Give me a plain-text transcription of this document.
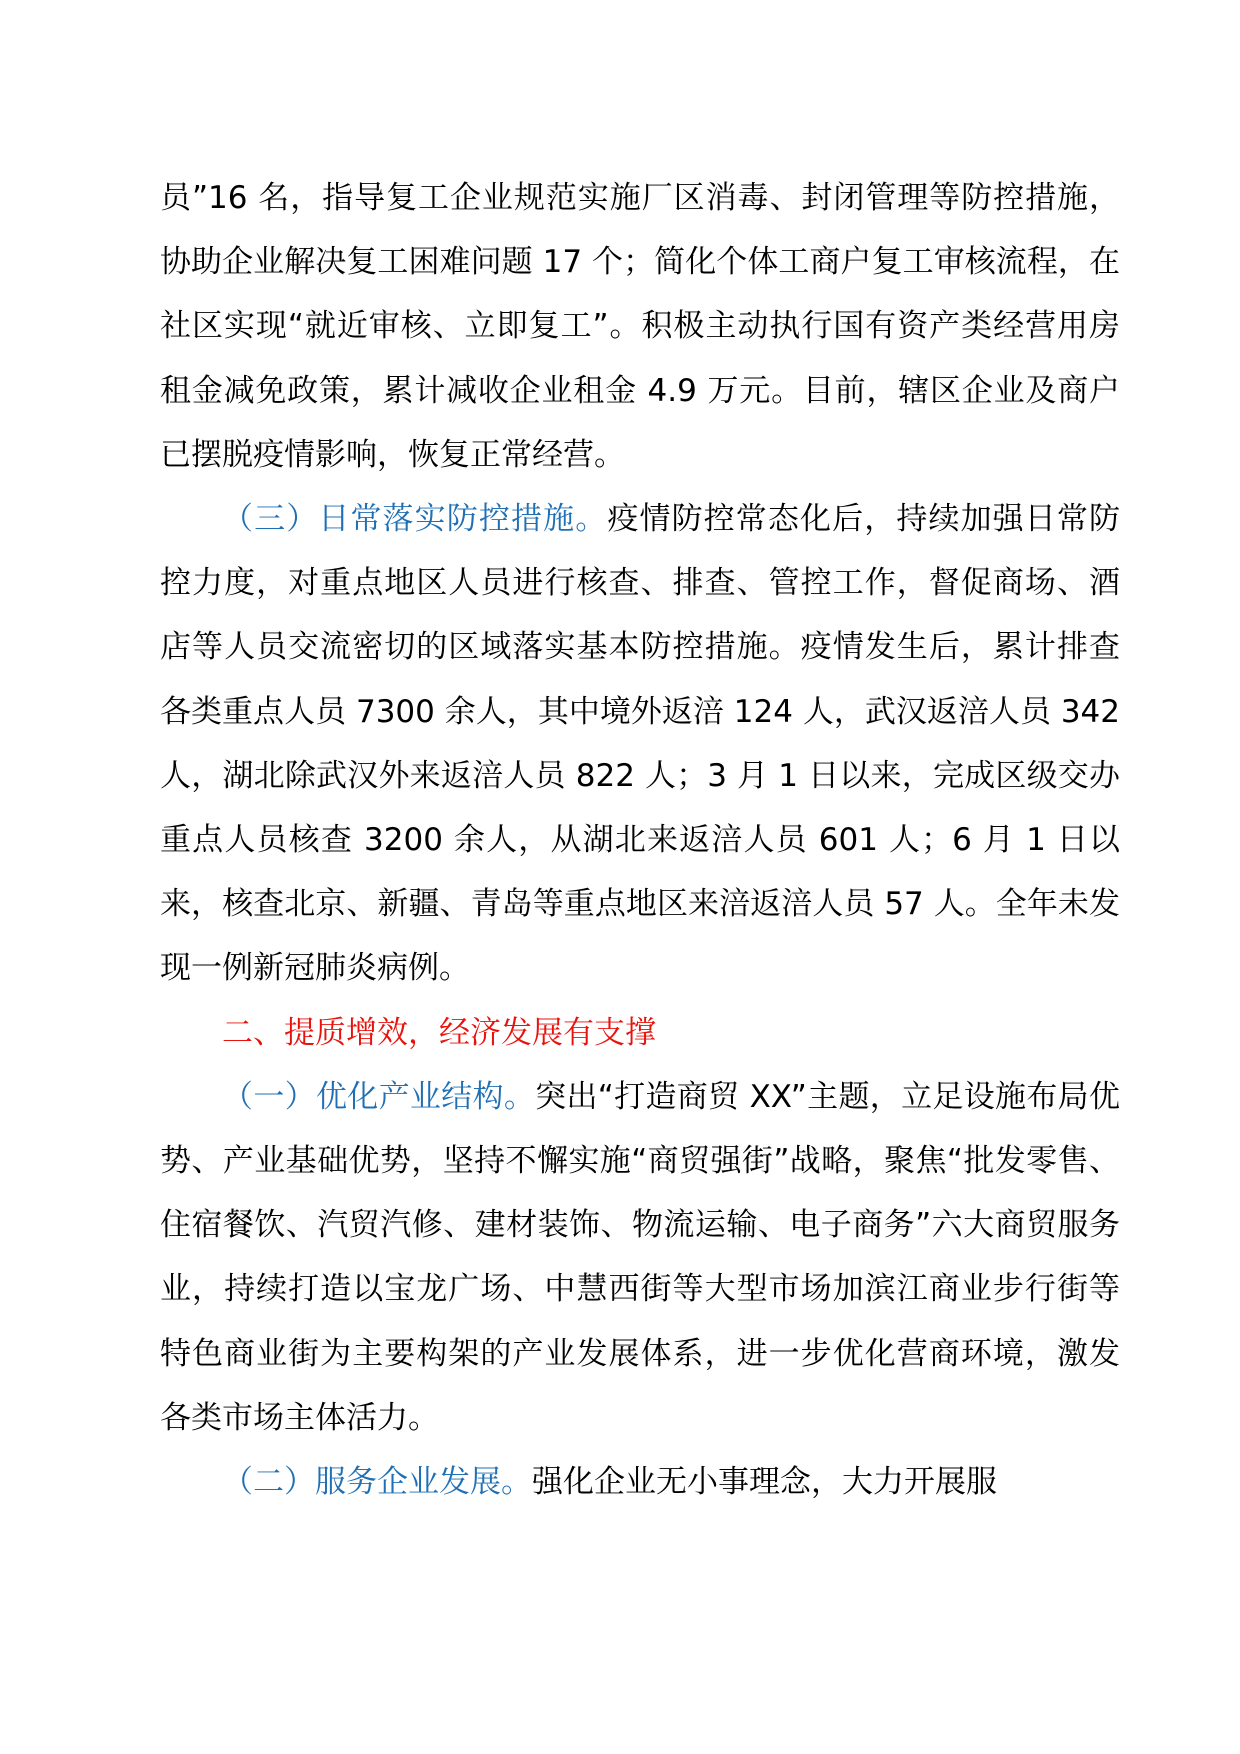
员”16 名，指导复工企业规范实施厂区消毒、封闭管理等防控措施，协助企业解决复工困难问题 17 个；简化个体工商户复工审核流程，在社区实现“就近审核、立即复工”。积极主动执行国有资产类经营用房租金减免政策，累计减收企业租金 4.9 万元。目前，辖区企业及商户已摆脱疫情影响，恢复正常经营。

（三）日常落实防控措施。疫情防控常态化后，持续加强日常防控力度，对重点地区人员进行核查、排查、管控工作，督促商场、酒店等人员交流密切的区域落实基本防控措施。疫情发生后，累计排查各类重点人员 7300 余人，其中境外返涪 124 人，武汉返涪人员 342 人，湖北除武汉外来返涪人员 822 人；3 月 1 日以来，完成区级交办重点人员核查 3200 余人，从湖北来返涪人员 601 人；6 月 1 日以来，核查北京、新疆、青岛等重点地区来涪返涪人员 57 人。全年未发现一例新冠肺炎病例。

二、提质增效，经济发展有支撑

（一）优化产业结构。突出“打造商贸 XX”主题，立足设施布局优势、产业基础优势，坚持不懈实施“商贸强街”战略，聚焦“批发零售、住宿餐饮、汽贸汽修、建材装饰、物流运输、电子商务”六大商贸服务业，持续打造以宝龙广场、中慧西街等大型市场加滨江商业步行街等特色商业街为主要构架的产业发展体系，进一步优化营商环境，激发各类市场主体活力。

（二）服务企业发展。强化企业无小事理念，大力开展服
